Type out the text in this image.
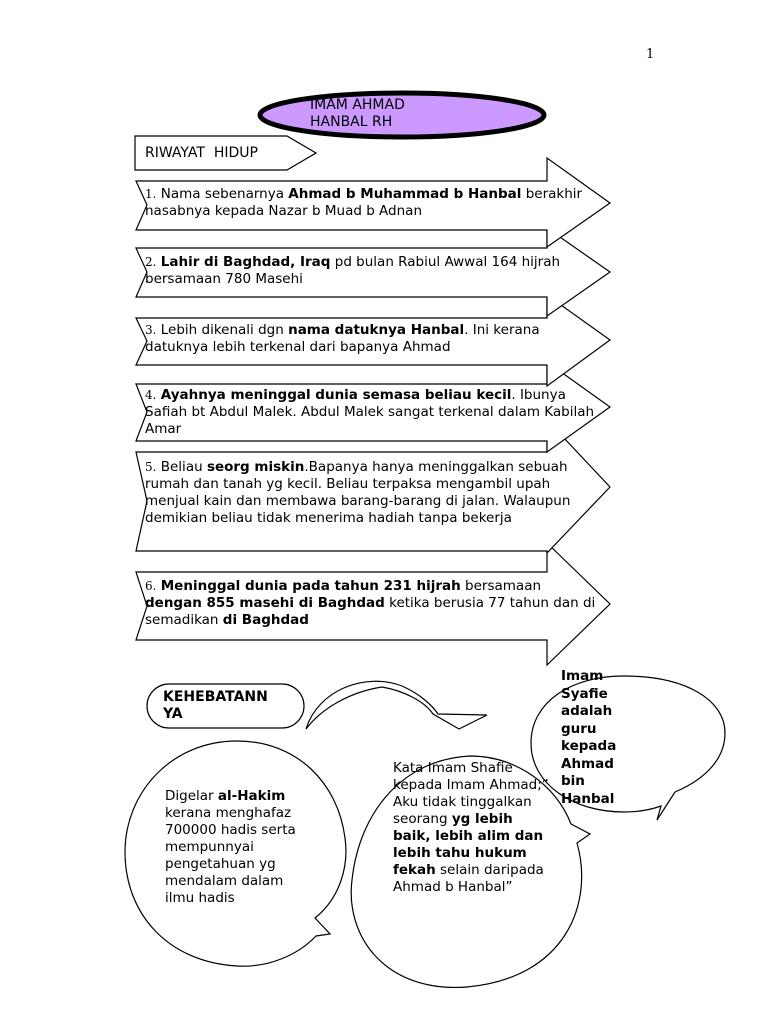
1
IMAM AHMAD HANBAL RH
RIWAYAT  HIDUP
1. Nama sebenarnya Ahmad b Muhammad b Hanbal berakhir nasabnya kepada Nazar b Muad b Adnan
2. Lahir di Baghdad, Iraq pd bulan Rabiul Awwal 164 hijrah bersamaan 780 Masehi
3. Lebih dikenali dgn nama datuknya Hanbal. Ini kerana datuknya lebih terkenal dari bapanya Ahmad
4. Ayahnya meninggal dunia semasa beliau kecil. Ibunya Safiah bt Abdul Malek. Abdul Malek sangat terkenal dalam Kabilah Amar
5. Beliau seorg miskin.Bapanya hanya meninggalkan sebuah rumah dan tanah yg kecil. Beliau terpaksa mengambil upah menjual kain dan membawa barang-barang di jalan. Walaupun demikian beliau tidak menerima hadiah tanpa bekerja
6. Meninggal dunia pada tahun 231 hijrah bersamaan dengan 855 masehi di Baghdad ketika berusia 77 tahun dan di semadikan di Baghdad
KEHEBATANN YA
Imam Syafie adalah guru kepada Ahmad bin Hanbal
Digelar al-Hakim kerana menghafaz 700000 hadis serta mempunnyai pengetahuan yg mendalam dalam ilmu hadis
Kata Imam Shafie kepada Imam Ahmad;” Aku tidak tinggalkan seorang yg lebih baik, lebih alim dan lebih tahu hukum fekah selain daripada Ahmad b Hanbal”
